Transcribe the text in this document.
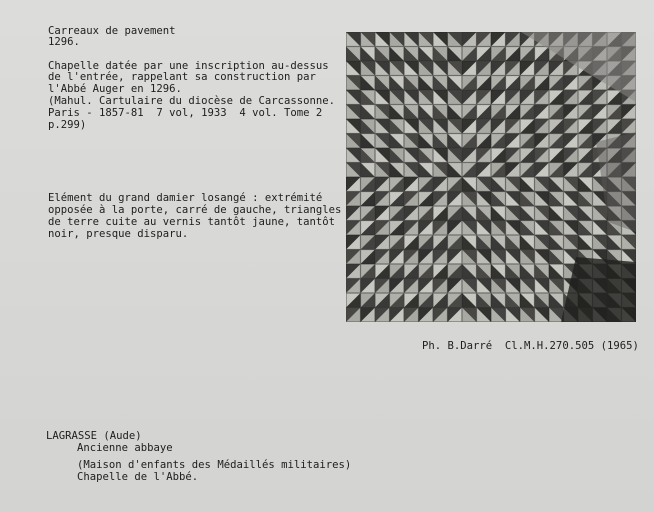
Carreaux de pavement
1296.
Chapelle datée par une inscription au-dessus
de l'entrée, rappelant sa construction par
l'Abbé Auger en 1296.
(Mahul. Cartulaire du diocèse de Carcassonne.
Paris - 1857-81  7 vol, 1933  4 vol. Tome 2
p.299)
Elément du grand damier losangé : extrémité
opposée à la porte, carré de gauche, triangles
de terre cuite au vernis tantôt jaune, tantôt
noir, presque disparu.
Ph. B.Darré  Cl.M.H.270.505 (1965)
LAGRASSE (Aude)
Ancienne abbaye
(Maison d'enfants des Médaillés militaires)
Chapelle de l'Abbé.
